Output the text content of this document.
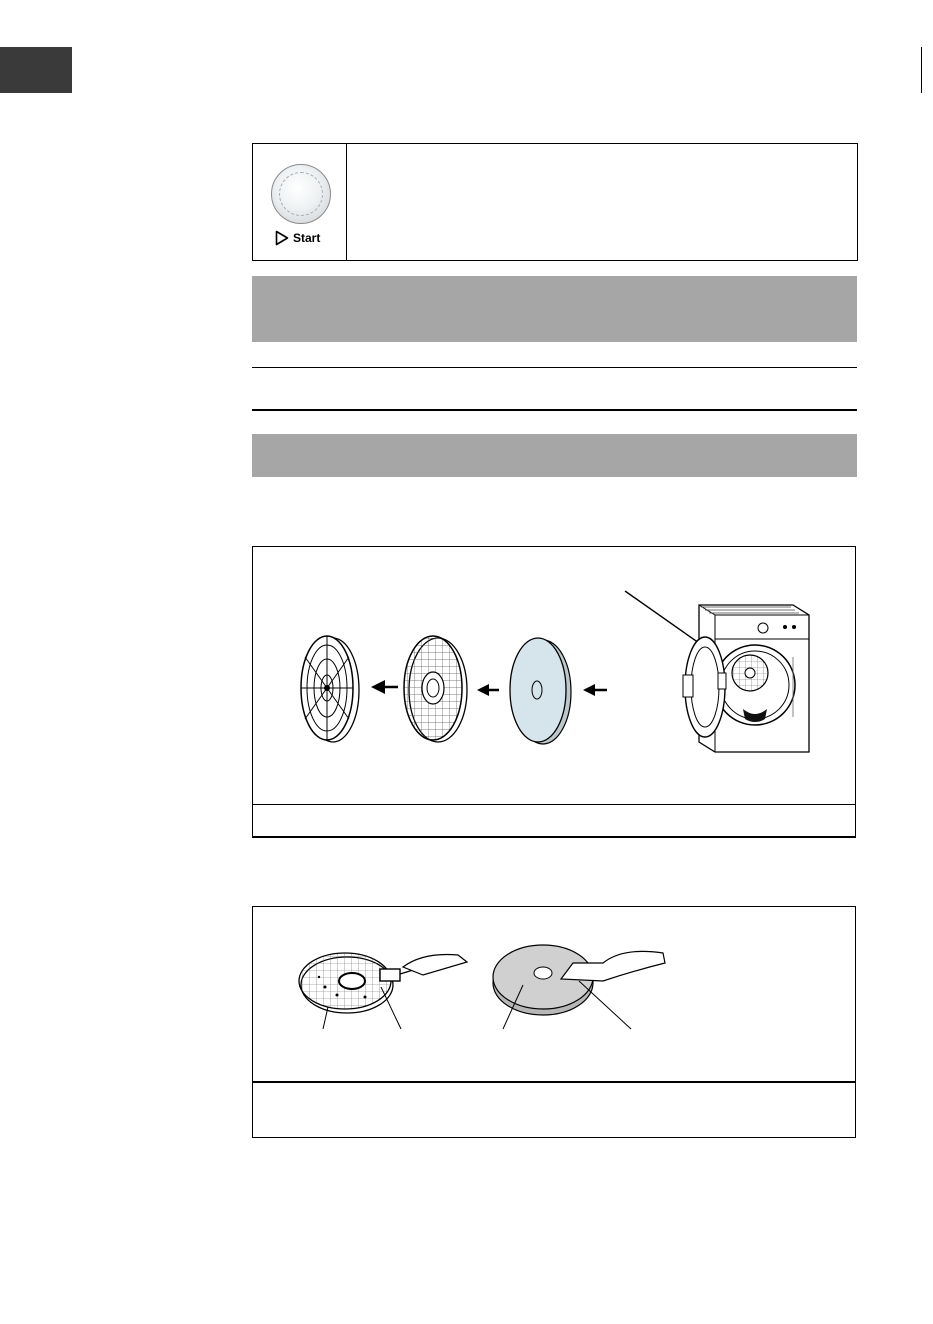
Start
